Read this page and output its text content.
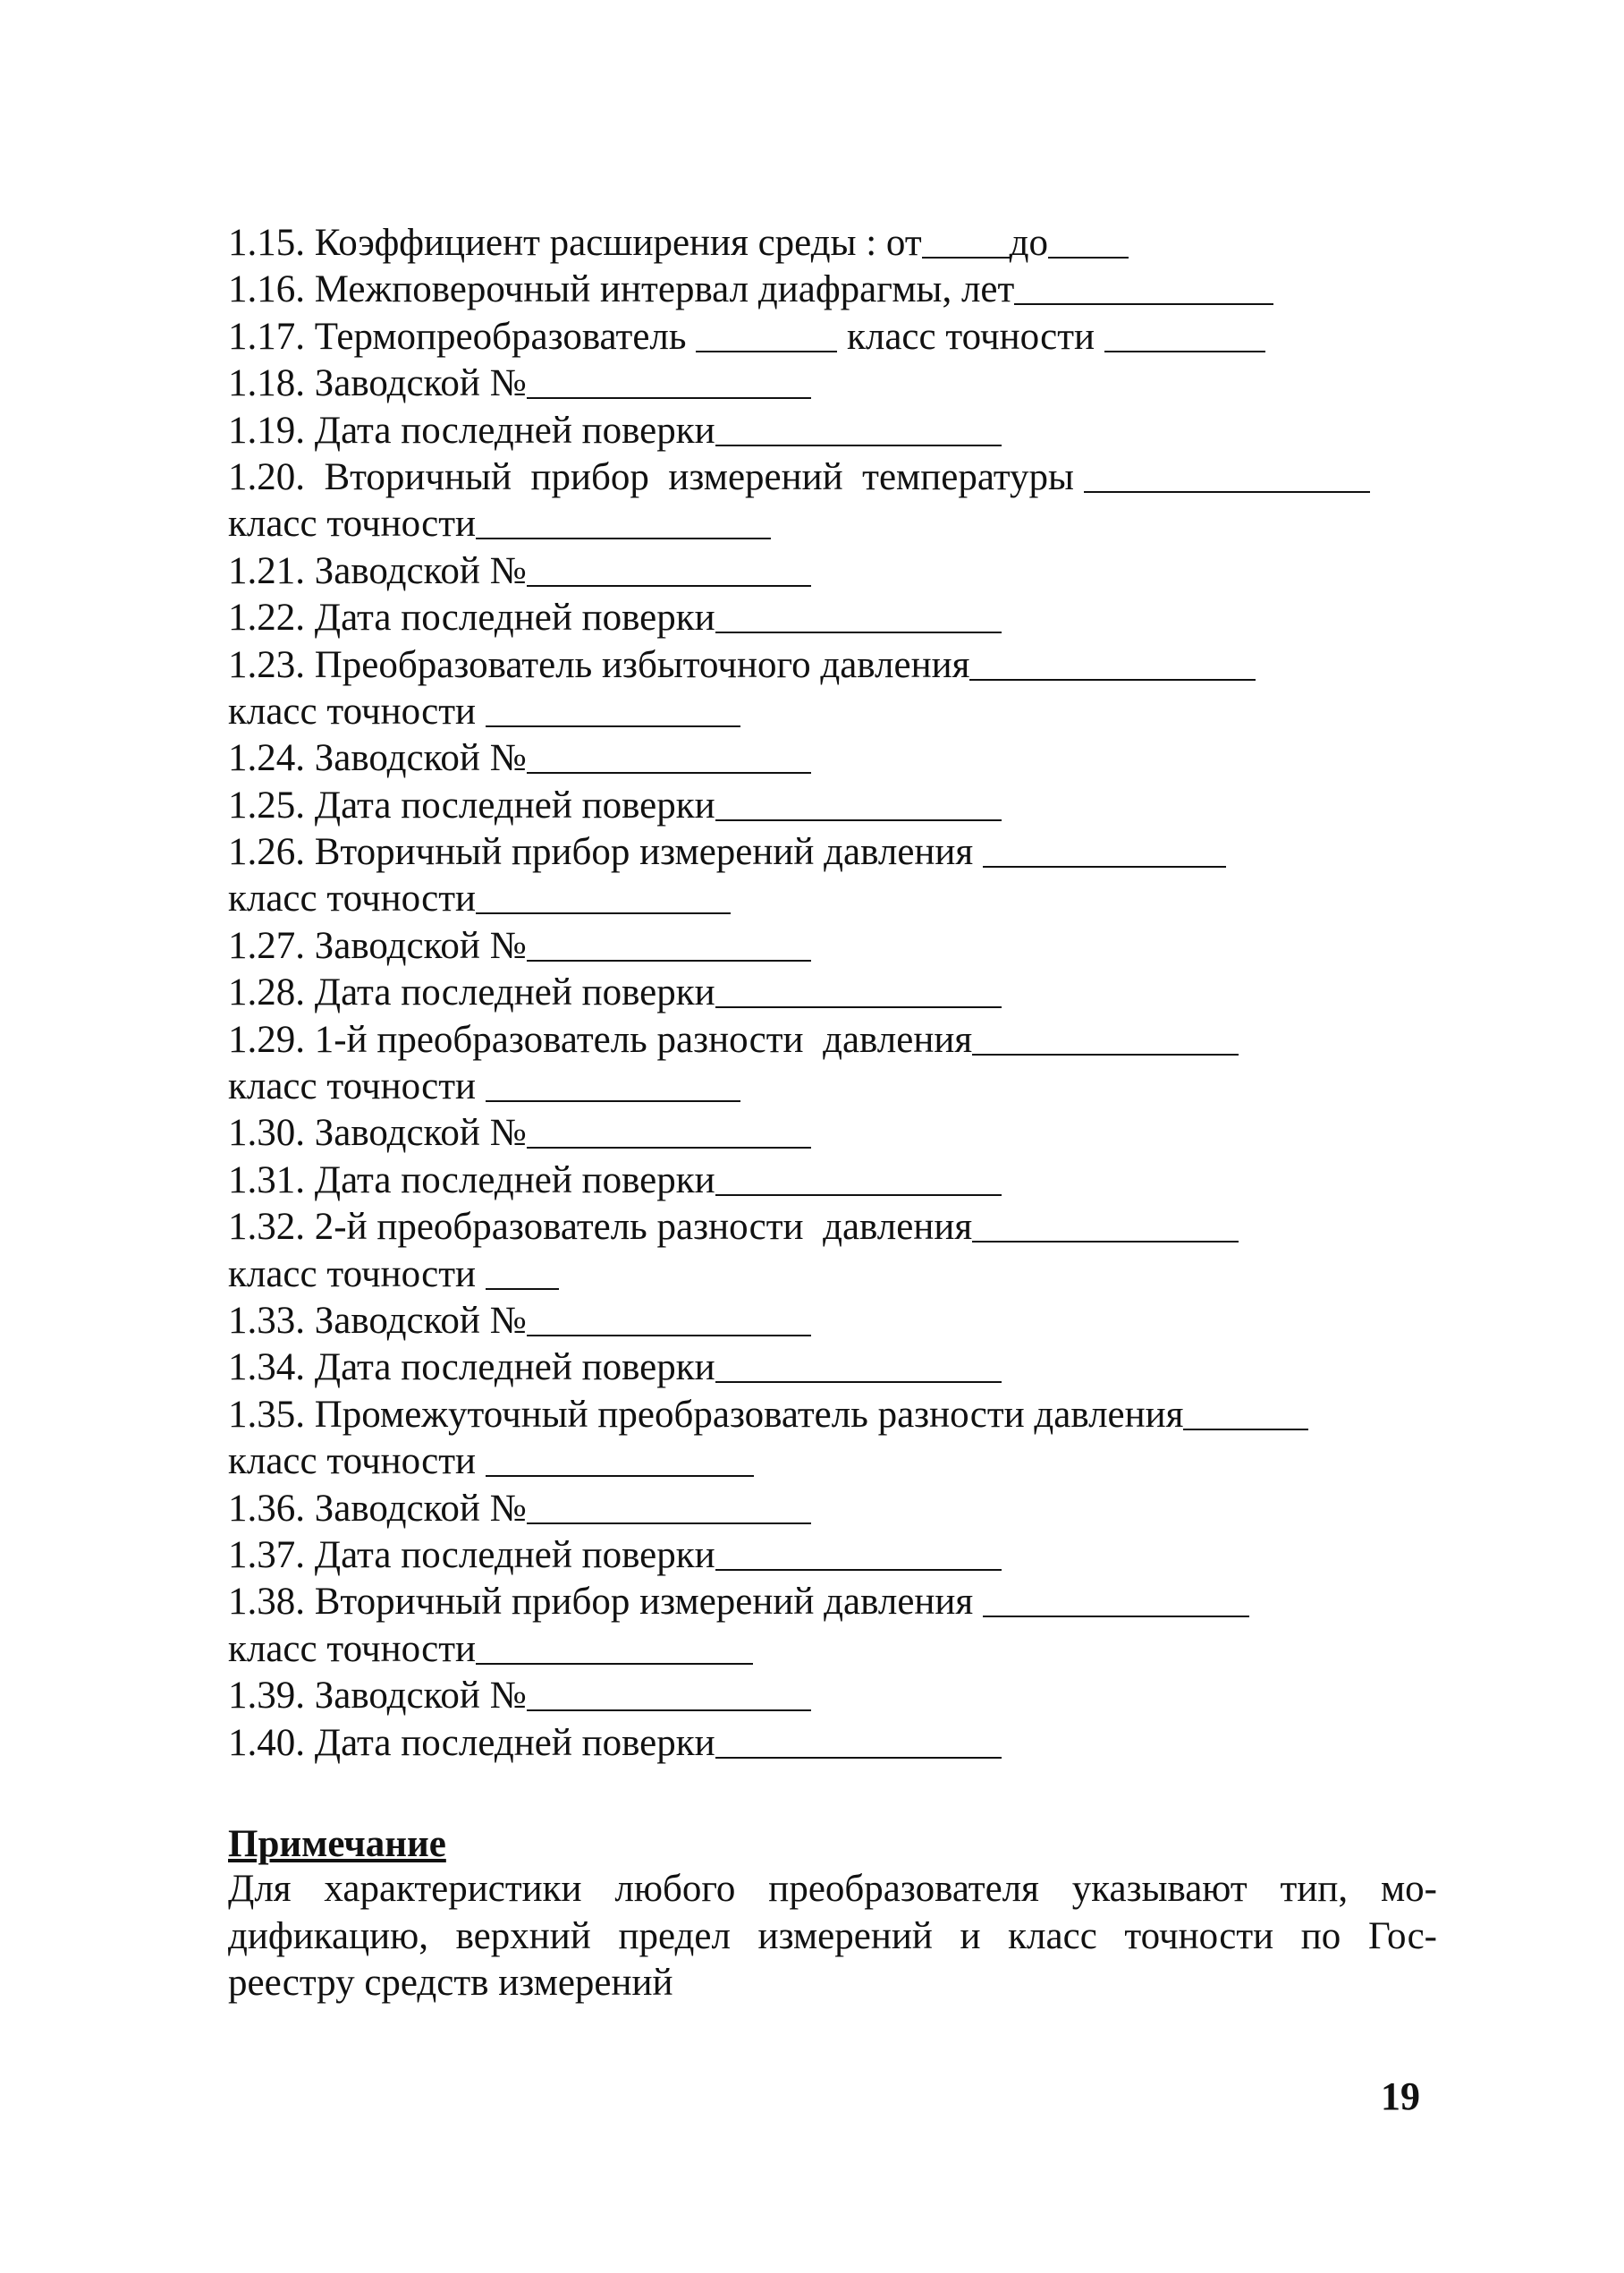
1.15. Коэффициент расширения среды : от до
1.16. Межповерочный интервал диафрагмы, лет
1.17. Термопреобразователь	класс точности
1.18. Заводской №
1.19. Дата последней поверки
1.20.  Вторичный  прибор  измерений  температуры
класс точности
1.21. Заводской №
1.22. Дата последней поверки
1.23. Преобразователь избыточного давления
класс точности
1.24. Заводской №
1.25. Дата последней поверки
1.26. Вторичный прибор измерений давления
класс точности
1.27. Заводской №
1.28. Дата последней поверки
1.29. 1-й преобразователь разности  давления
класс точности
1.30. Заводской №
1.31. Дата последней поверки
1.32. 2-й преобразователь разности  давления
класс точности
1.33. Заводской №
1.34. Дата последней поверки
1.35. Промежуточный преобразователь разности давления
класс точности
1.36. Заводской №
1.37. Дата последней поверки
1.38. Вторичный прибор измерений давления
класс точности
1.39. Заводской №
1.40. Дата последней поверки
Примечание
Для характеристики любого преобразователя указывают тип, мо-
дификацию, верхний предел измерений и класс точности по Гос-
реестру средств измерений
19
